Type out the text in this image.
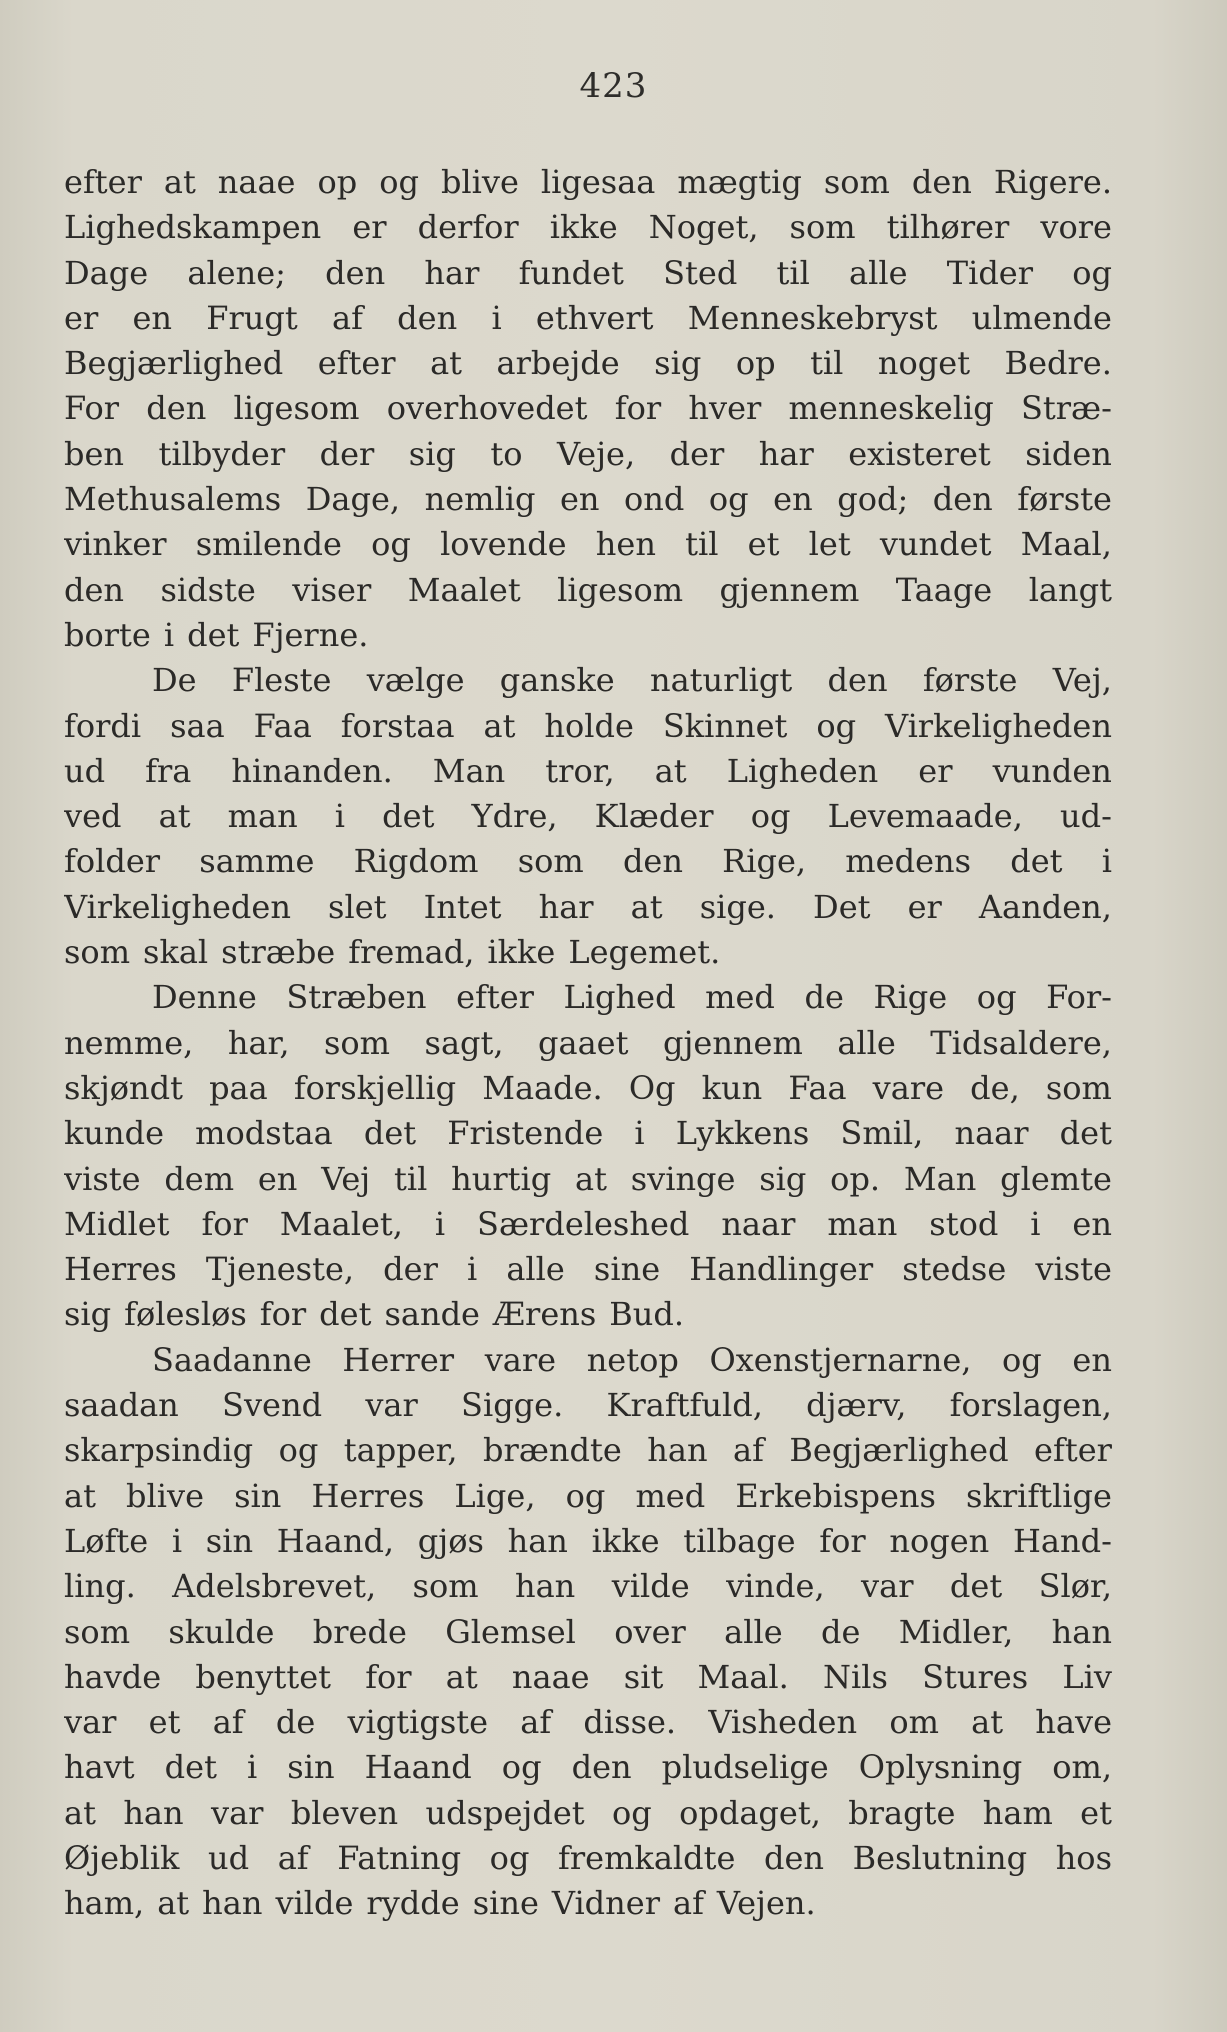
423
efter at naae op og blive ligesaa mægtig som den Rigere.
Lighedskampen er derfor ikke Noget, som tilhører vore
Dage alene; den har fundet Sted til alle Tider og
er en Frugt af den i ethvert Menneskebryst ulmende
Begjærlighed efter at arbejde sig op til noget Bedre.
For den ligesom overhovedet for hver menneskelig Stræ-
ben tilbyder der sig to Veje, der har existeret siden
Methusalems Dage, nemlig en ond og en god; den første
vinker smilende og lovende hen til et let vundet Maal,
den sidste viser Maalet ligesom gjennem Taage langt
borte i det Fjerne.
De Fleste vælge ganske naturligt den første Vej,
fordi saa Faa forstaa at holde Skinnet og Virkeligheden
ud fra hinanden. Man tror, at Ligheden er vunden
ved at man i det Ydre, Klæder og Levemaade, ud-
folder samme Rigdom som den Rige, medens det i
Virkeligheden slet Intet har at sige. Det er Aanden,
som skal stræbe fremad, ikke Legemet.
Denne Stræben efter Lighed med de Rige og For-
nemme, har, som sagt, gaaet gjennem alle Tidsaldere,
skjøndt paa forskjellig Maade. Og kun Faa vare de, som
kunde modstaa det Fristende i Lykkens Smil, naar det
viste dem en Vej til hurtig at svinge sig op. Man glemte
Midlet for Maalet, i Særdeleshed naar man stod i en
Herres Tjeneste, der i alle sine Handlinger stedse viste
sig følesløs for det sande Ærens Bud.
Saadanne Herrer vare netop Oxenstjernarne, og en
saadan Svend var Sigge. Kraftfuld, djærv, forslagen,
skarpsindig og tapper, brændte han af Begjærlighed efter
at blive sin Herres Lige, og med Erkebispens skriftlige
Løfte i sin Haand, gjøs han ikke tilbage for nogen Hand-
ling. Adelsbrevet, som han vilde vinde, var det Slør,
som skulde brede Glemsel over alle de Midler, han
havde benyttet for at naae sit Maal. Nils Stures Liv
var et af de vigtigste af disse. Visheden om at have
havt det i sin Haand og den pludselige Oplysning om,
at han var bleven udspejdet og opdaget, bragte ham et
Øjeblik ud af Fatning og fremkaldte den Beslutning hos
ham, at han vilde rydde sine Vidner af Vejen.
